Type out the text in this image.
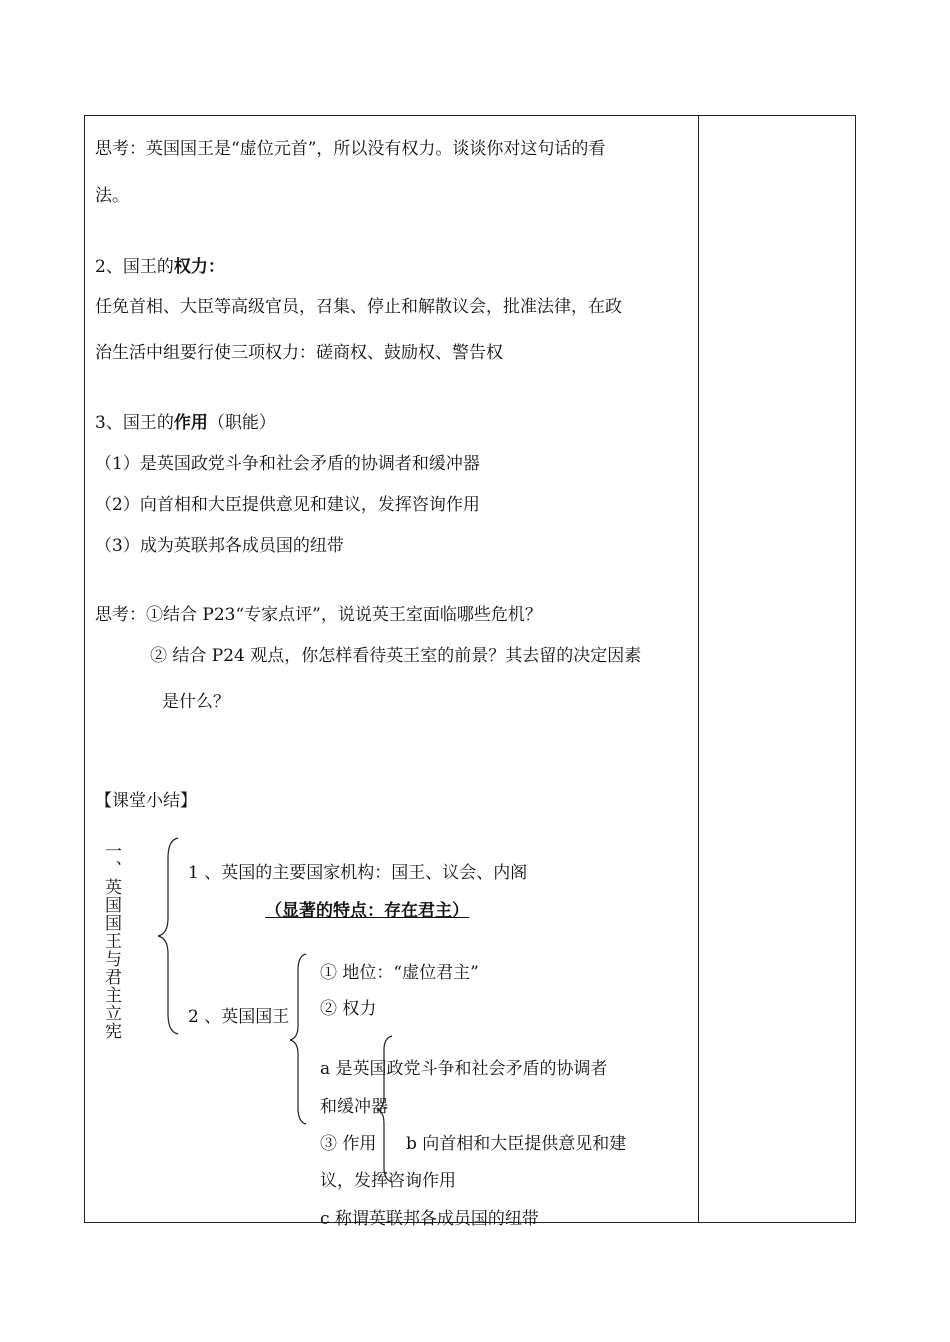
思考：英国国王是“虚位元首”，所以没有权力。谈谈你对这句话的看
法。
2、国王的权力：
任免首相、大臣等高级官员，召集、停止和解散议会，批准法律，在政
治生活中组要行使三项权力：磋商权、鼓励权、警告权
3、国王的作用（职能）
（1）是英国政党斗争和社会矛盾的协调者和缓冲器
（2）向首相和大臣提供意见和建议，发挥咨询作用
（3）成为英联邦各成员国的纽带
思考：①结合 P23“专家点评”，说说英王室面临哪些危机？
② 结合 P24 观点，你怎样看待英王室的前景？其去留的决定因素
是什么？
【课堂小结】
一、英国国王与君主立宪	1 、英国的主要国家机构：国王、议会、内阁
（显著的特点：存在君主）
2 、英国国王
① 地位：“虚位君主”
② 权力
a 是英国政党斗争和社会矛盾的协调者
和缓冲器
③ 作用 b 向首相和大臣提供意见和建
议，发挥咨询作用
c 称谓英联邦各成员国的纽带
